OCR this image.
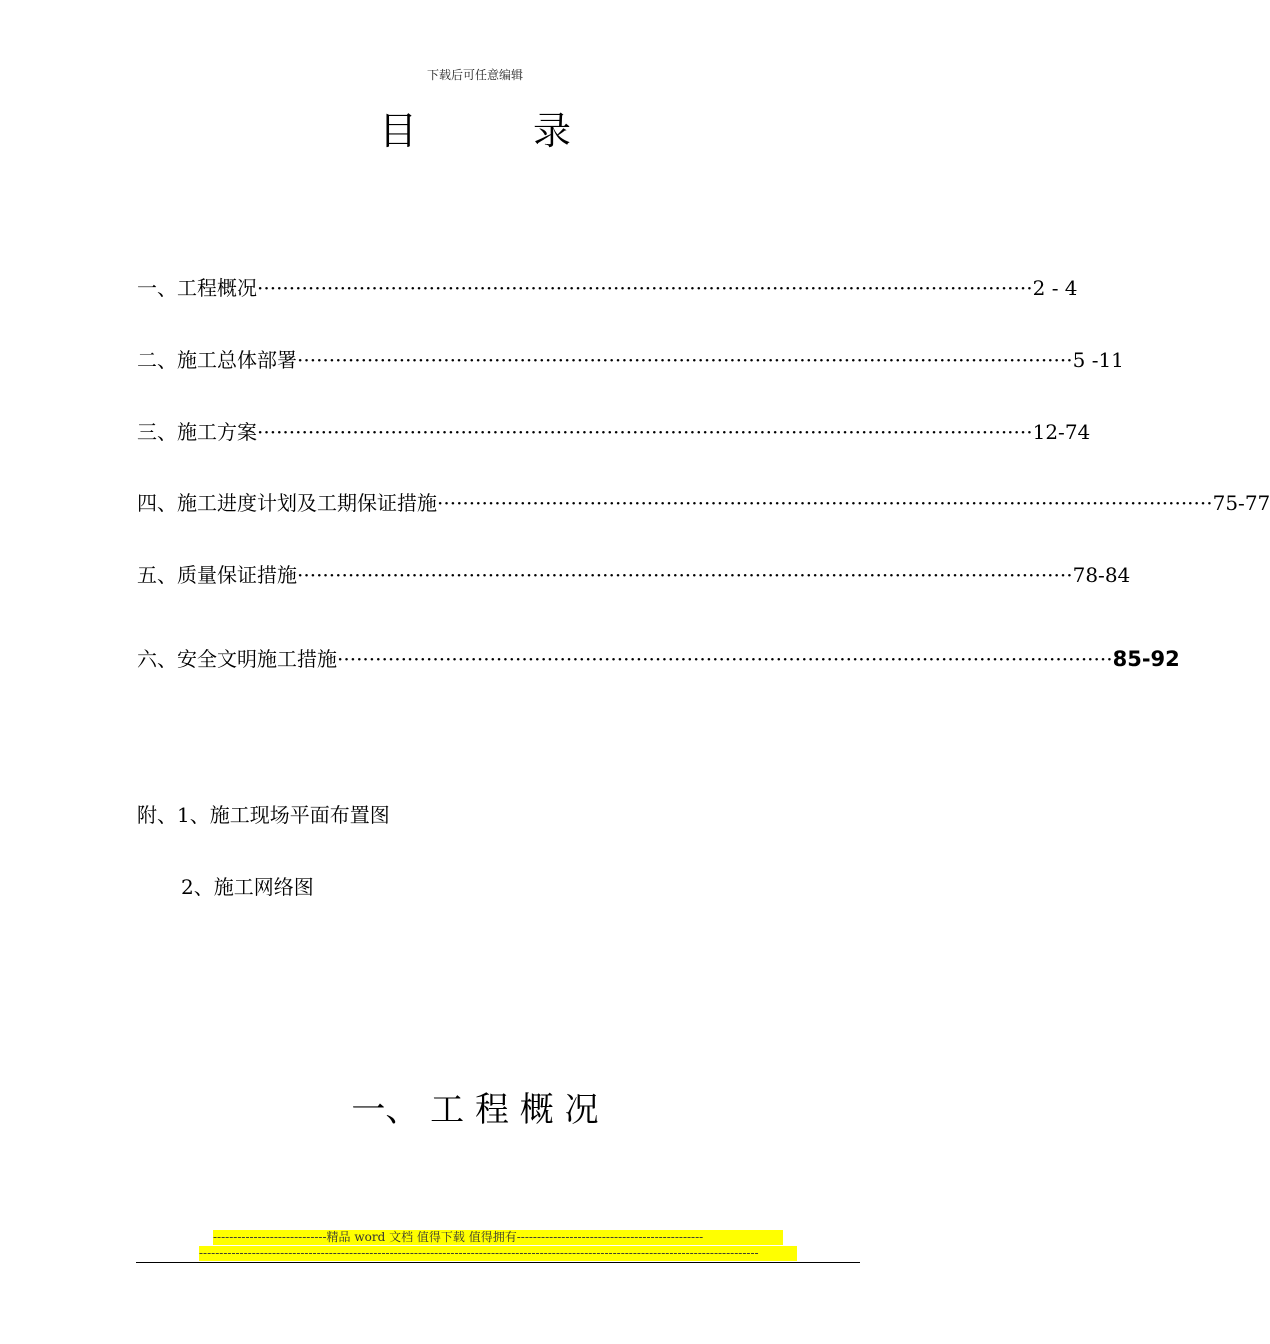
下载后可任意编辑
目 录
一、工程概况 ·························································································································· 2 - 4
二、施工总体部署 ·························································································································· 5 -11
三、施工方案 ·························································································································· 12-74
四、施工进度计划及工期保证措施 ·························································································································· 75-77
五、质量保证措施 ·························································································································· 78-84
六、安全文明施工措施 ·························································································································· 85-92
附、1、施工现场平面布置图
2、施工网络图
一、 工 程 概 况
----------------------------精品 word 文档 值得下载 值得拥有----------------------------------------------
------------------------------------------------------------------------------------------------------------------------------------------
